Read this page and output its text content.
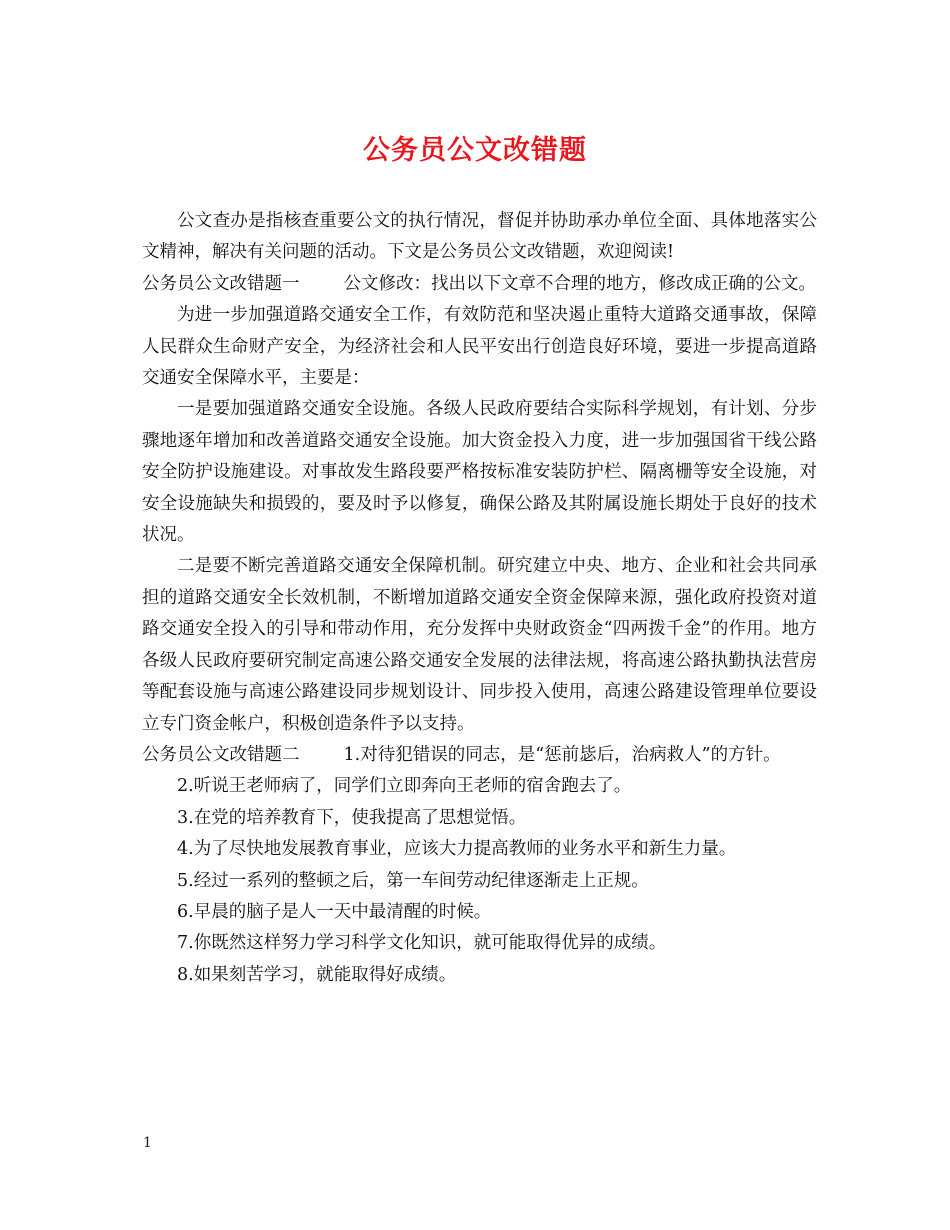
公务员公文改错题

公文查办是指核查重要公文的执行情况，督促并协助承办单位全面、具体地落实公文精神，解决有关问题的活动。下文是公务员公文改错题，欢迎阅读!

公务员公文改错题一	公文修改：找出以下文章不合理的地方，修改成正确的公文。

为进一步加强道路交通安全工作，有效防范和坚决遏止重特大道路交通事故，保障人民群众生命财产安全，为经济社会和人民平安出行创造良好环境，要进一步提高道路交通安全保障水平，主要是：

一是要加强道路交通安全设施。各级人民政府要结合实际科学规划，有计划、分步骤地逐年增加和改善道路交通安全设施。加大资金投入力度，进一步加强国省干线公路安全防护设施建设。对事故发生路段要严格按标准安装防护栏、隔离栅等安全设施，对安全设施缺失和损毁的，要及时予以修复，确保公路及其附属设施长期处于良好的技术状况。

二是要不断完善道路交通安全保障机制。研究建立中央、地方、企业和社会共同承担的道路交通安全长效机制，不断增加道路交通安全资金保障来源，强化政府投资对道路交通安全投入的引导和带动作用，充分发挥中央财政资金“四两拨千金”的作用。地方各级人民政府要研究制定高速公路交通安全发展的法律法规，将高速公路执勤执法营房等配套设施与高速公路建设同步规划设计、同步投入使用，高速公路建设管理单位要设立专门资金帐户，积极创造条件予以支持。

公务员公文改错题二	1.对待犯错误的同志，是“惩前毖后，治病救人”的方针。

2.听说王老师病了，同学们立即奔向王老师的宿舍跑去了。

3.在党的培养教育下，使我提高了思想觉悟。

4.为了尽快地发展教育事业，应该大力提高教师的业务水平和新生力量。

5.经过一系列的整顿之后，第一车间劳动纪律逐渐走上正规。

6.早晨的脑子是人一天中最清醒的时候。

7.你既然这样努力学习科学文化知识，就可能取得优异的成绩。

8.如果刻苦学习，就能取得好成绩。

1
